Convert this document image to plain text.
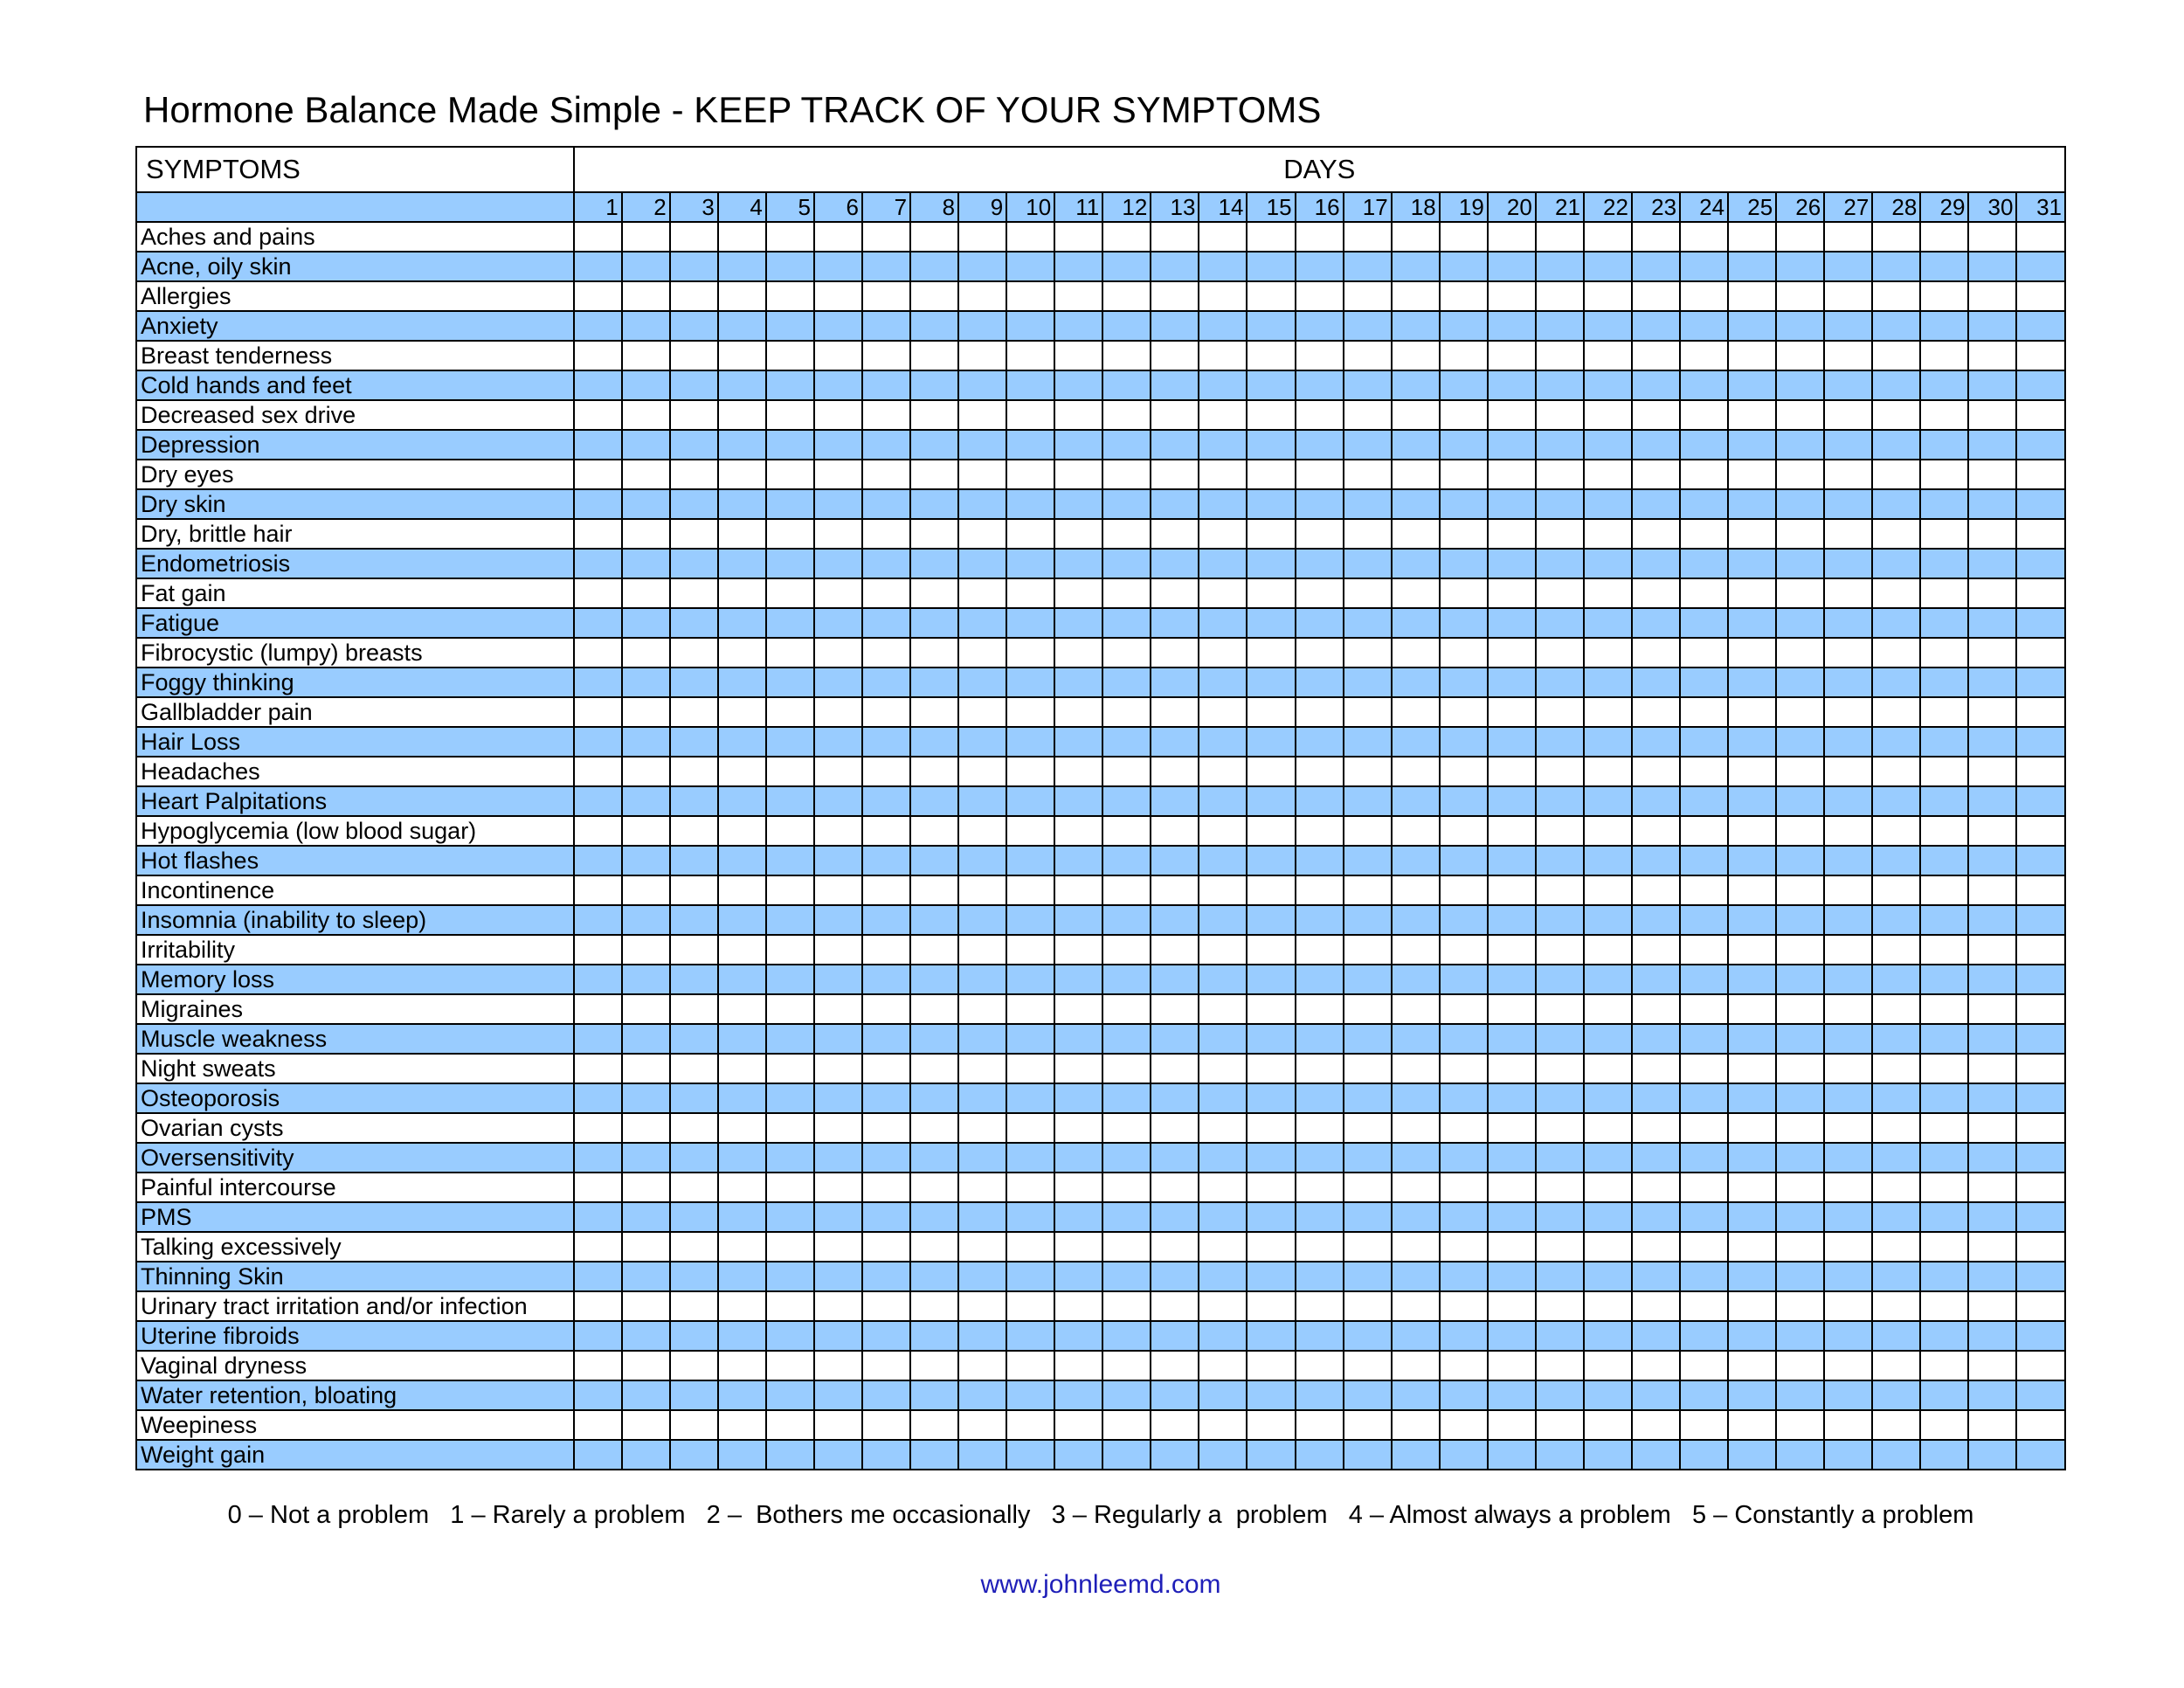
Hormone Balance Made Simple - KEEP TRACK OF YOUR SYMPTOMS
SYMPTOMS	DAYS																														
	1	2	3	4	5	6	7	8	9	10	11	12	13	14	15	16	17	18	19	20	21	22	23	24	25	26	27	28	29	30	31
Aches and pains																															
Acne, oily skin																															
Allergies																															
Anxiety																															
Breast tenderness																															
Cold hands and feet																															
Decreased sex drive																															
Depression																															
Dry eyes																															
Dry skin																															
Dry, brittle hair																															
Endometriosis																															
Fat gain																															
Fatigue																															
Fibrocystic (lumpy) breasts																															
Foggy thinking																															
Gallbladder pain																															
Hair Loss																															
Headaches																															
Heart Palpitations																															
Hypoglycemia (low blood sugar)																															
Hot flashes																															
Incontinence																															
Insomnia (inability to sleep)																															
Irritability																															
Memory loss																															
Migraines																															
Muscle weakness																															
Night sweats																															
Osteoporosis																															
Ovarian cysts																															
Oversensitivity																															
Painful intercourse																															
PMS																															
Talking excessively																															
Thinning Skin																															
Urinary tract irritation and/or infection																															
Uterine fibroids																															
Vaginal dryness																															
Water retention, bloating																															
Weepiness																															
Weight gain																															
0 – Not a problem   1 – Rarely a problem   2 –  Bothers me occasionally   3 – Regularly a  problem   4 – Almost always a problem   5 – Constantly a problem
www.johnleemd.com
